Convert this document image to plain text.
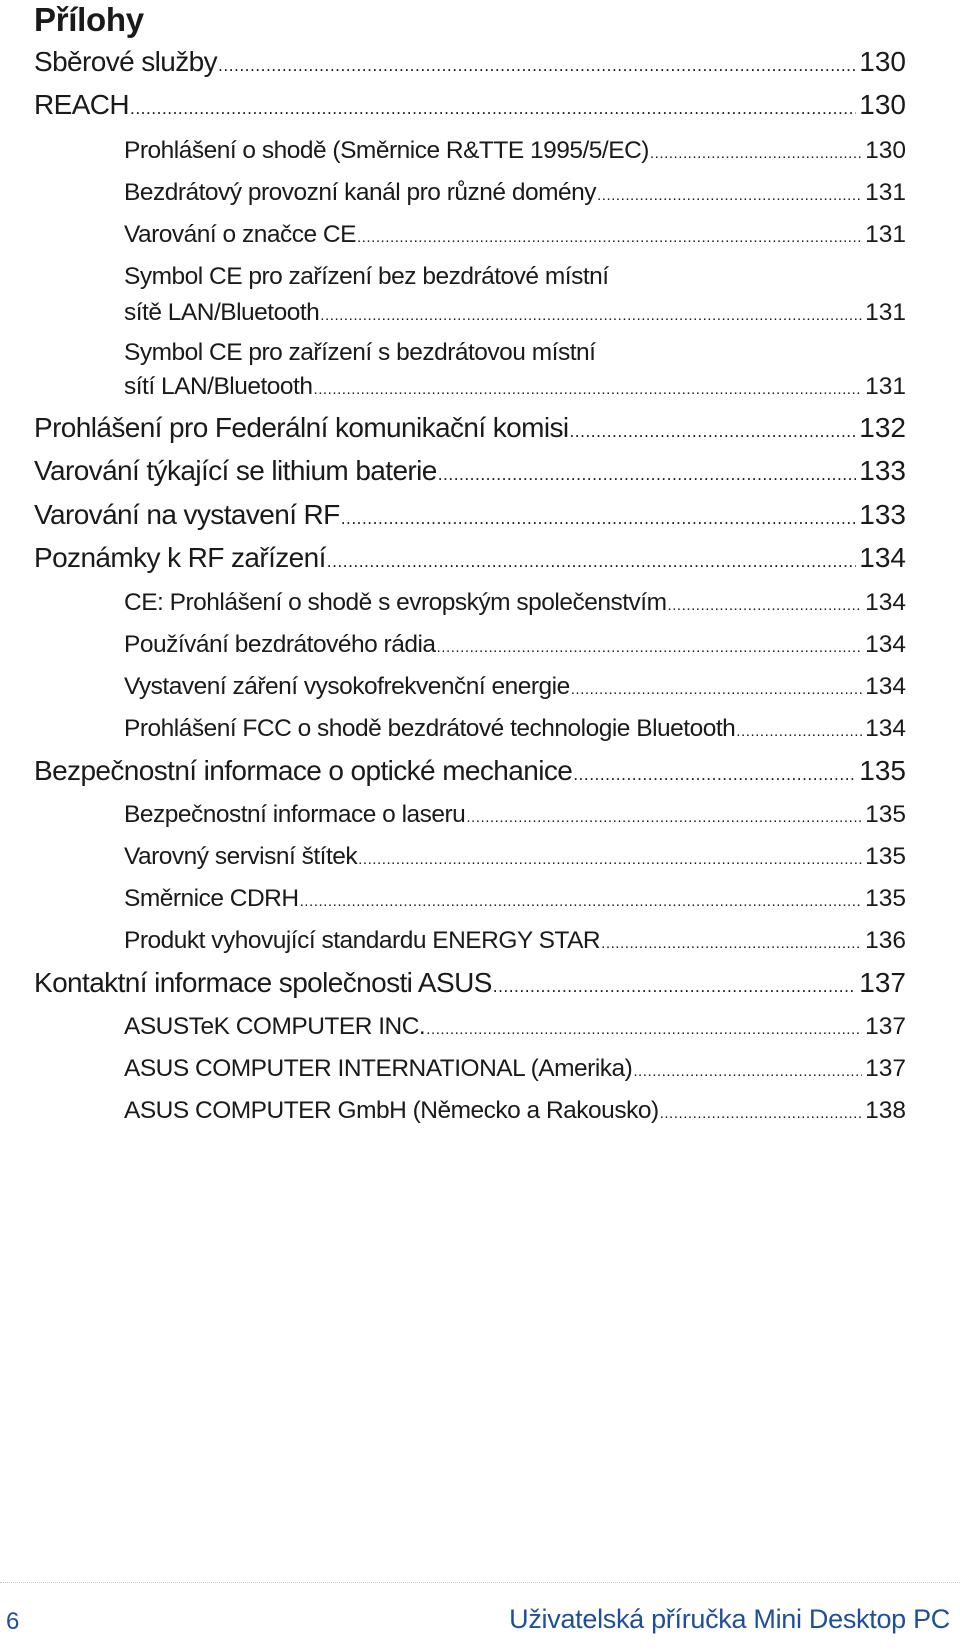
Přílohy
Sběrové služby .....	130
REACH .....	130
Prohlášení o shodě (Směrnice R&TTE 1995/5/EC) .....	130
Bezdrátový provozní kanál pro různé domény .....	131
Varování o značce CE .....	131
Symbol CE pro zařízení bez bezdrátové místní
sítě LAN/Bluetooth .....	131
Symbol CE pro zařízení s bezdrátovou místní
sítí LAN/Bluetooth .....	131
Prohlášení pro Federální komunikační komisi .....	132
Varování týkající se lithium baterie .....	133
Varování na vystavení RF .....	133
Poznámky k RF zařízení .....	134
CE: Prohlášení o shodě s evropským společenstvím .....	134
Používání bezdrátového rádia .....	134
Vystavení záření vysokofrekvenční energie .....	134
Prohlášení FCC o shodě bezdrátové technologie Bluetooth .....	134
Bezpečnostní informace o optické mechanice .....	135
Bezpečnostní informace o laseru .....	135
Varovný servisní štítek .....	135
Směrnice CDRH .....	135
Produkt vyhovující standardu ENERGY STAR .....	136
Kontaktní informace společnosti ASUS .....	137
ASUSTeK COMPUTER INC. .....	137
ASUS COMPUTER INTERNATIONAL (Amerika) .....	137
ASUS COMPUTER GmbH (Německo a Rakousko) .....	138
6	Uživatelská příručka Mini Desktop PC
